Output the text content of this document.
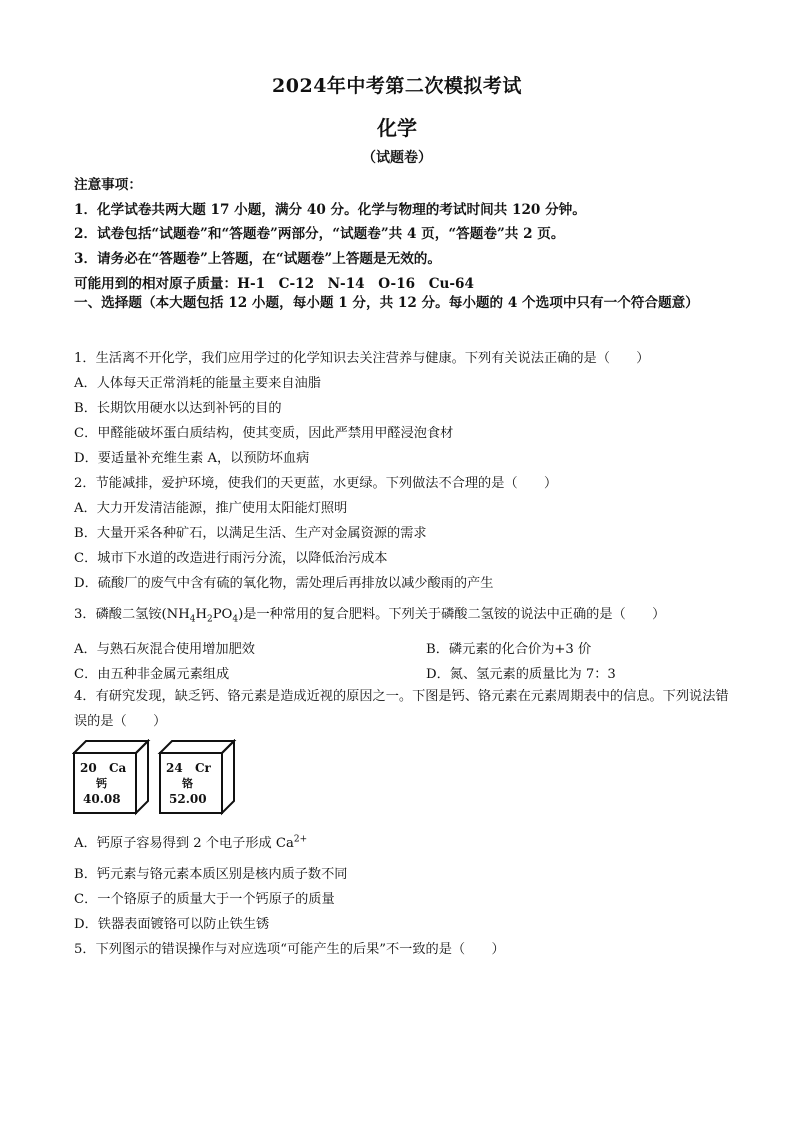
2024年中考第二次模拟考试
化学
（试题卷）
注意事项：
1．化学试卷共两大题 17 小题，满分 40 分。化学与物理的考试时间共 120 分钟。
2．试卷包括“试题卷”和“答题卷”两部分，“试题卷”共 4 页，“答题卷”共 2 页。
3．请务必在“答题卷”上答题，在“试题卷”上答题是无效的。
可能用到的相对原子质量：H-1　C-12　N-14　O-16　Cu-64
一、选择题（本大题包括 12 小题，每小题 1 分，共 12 分。每小题的 4 个选项中只有一个符合题意）
1．生活离不开化学，我们应用学过的化学知识去关注营养与健康。下列有关说法正确的是（　　）
A．人体每天正常消耗的能量主要来自油脂
B．长期饮用硬水以达到补钙的目的
C．甲醛能破坏蛋白质结构，使其变质，因此严禁用甲醛浸泡食材
D．要适量补充维生素 A，以预防坏血病
2．节能减排，爱护环境，使我们的天更蓝，水更绿。下列做法不合理的是（　　）
A．大力开发清洁能源，推广使用太阳能灯照明
B．大量开采各种矿石，以满足生活、生产对金属资源的需求
C．城市下水道的改造进行雨污分流，以降低治污成本
D．硫酸厂的废气中含有硫的氧化物，需处理后再排放以减少酸雨的产生
3．磷酸二氢铵$(NH_4H_2PO_4)$是一种常用的复合肥料。下列关于磷酸二氢铵的说法中正确的是（　　）
A．与熟石灰混合使用增加肥效	B．磷元素的化合价为+3 价
C．由五种非金属元素组成	D．氮、氢元素的质量比为 7：3
4．有研究发现，缺乏钙、铬元素是造成近视的原因之一。下图是钙、铬元素在元素周期表中的信息。下列说法错误的是（　　）
20 Ca
钙
40.08
24 Cr
铬
52.00
A．钙原子容易得到 2 个电子形成 $Ca^{2+}$
B．钙元素与铬元素本质区别是核内质子数不同
C．一个铬原子的质量大于一个钙原子的质量
D．铁器表面镀铬可以防止铁生锈
5．下列图示的错误操作与对应选项“可能产生的后果”不一致的是（　　）
